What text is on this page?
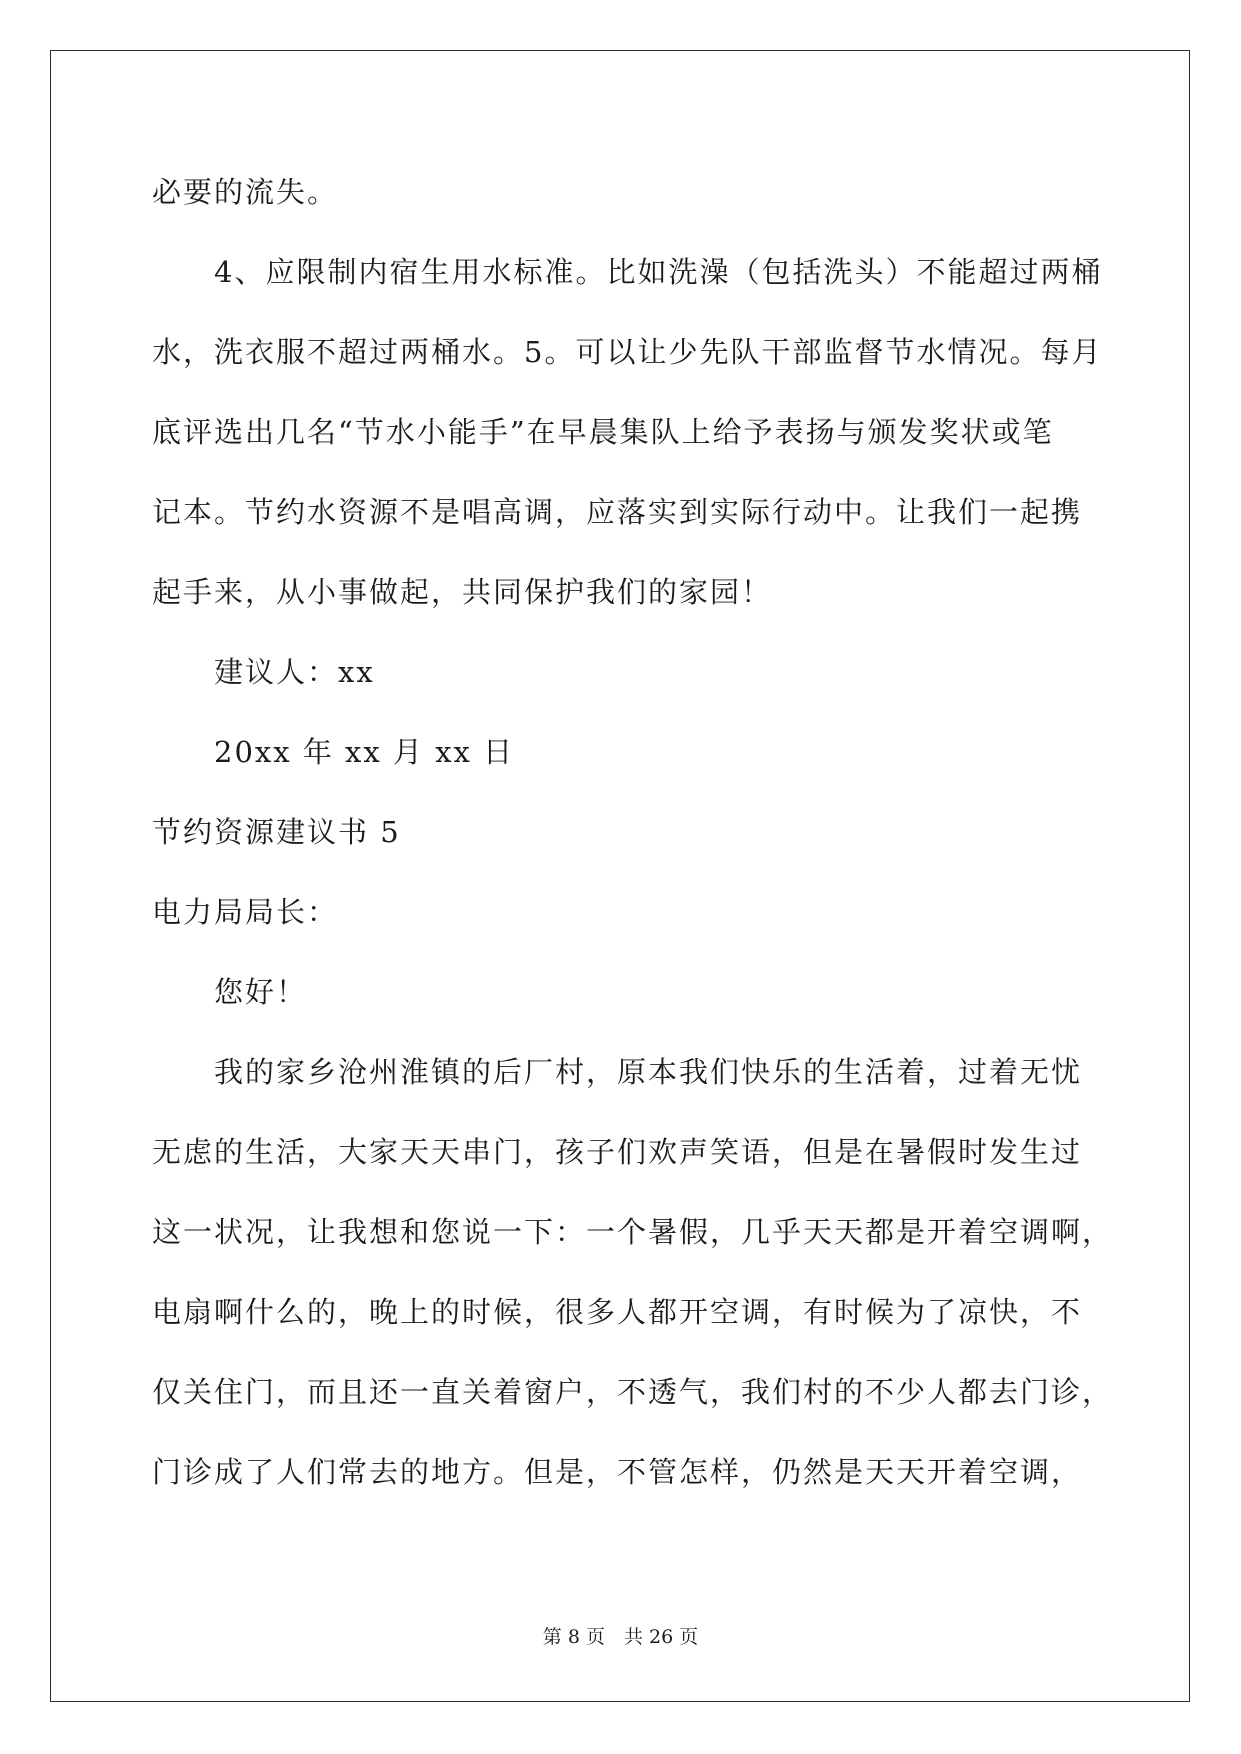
必要的流失。
4、应限制内宿生用水标准。比如洗澡（包括洗头）不能超过两桶
水，洗衣服不超过两桶水。5。可以让少先队干部监督节水情况。每月
底评选出几名“节水小能手”在早晨集队上给予表扬与颁发奖状或笔
记本。节约水资源不是唱高调，应落实到实际行动中。让我们一起携
起手来，从小事做起，共同保护我们的家园！
建议人：xx
20xx 年 xx 月 xx 日
节约资源建议书 5
电力局局长：
您好！
我的家乡沧州淮镇的后厂村，原本我们快乐的生活着，过着无忧
无虑的生活，大家天天串门，孩子们欢声笑语，但是在暑假时发生过
这一状况，让我想和您说一下：一个暑假，几乎天天都是开着空调啊，
电扇啊什么的，晚上的时候，很多人都开空调，有时候为了凉快，不
仅关住门，而且还一直关着窗户，不透气，我们村的不少人都去门诊，
门诊成了人们常去的地方。但是，不管怎样，仍然是天天开着空调，
第 8 页　共 26 页
